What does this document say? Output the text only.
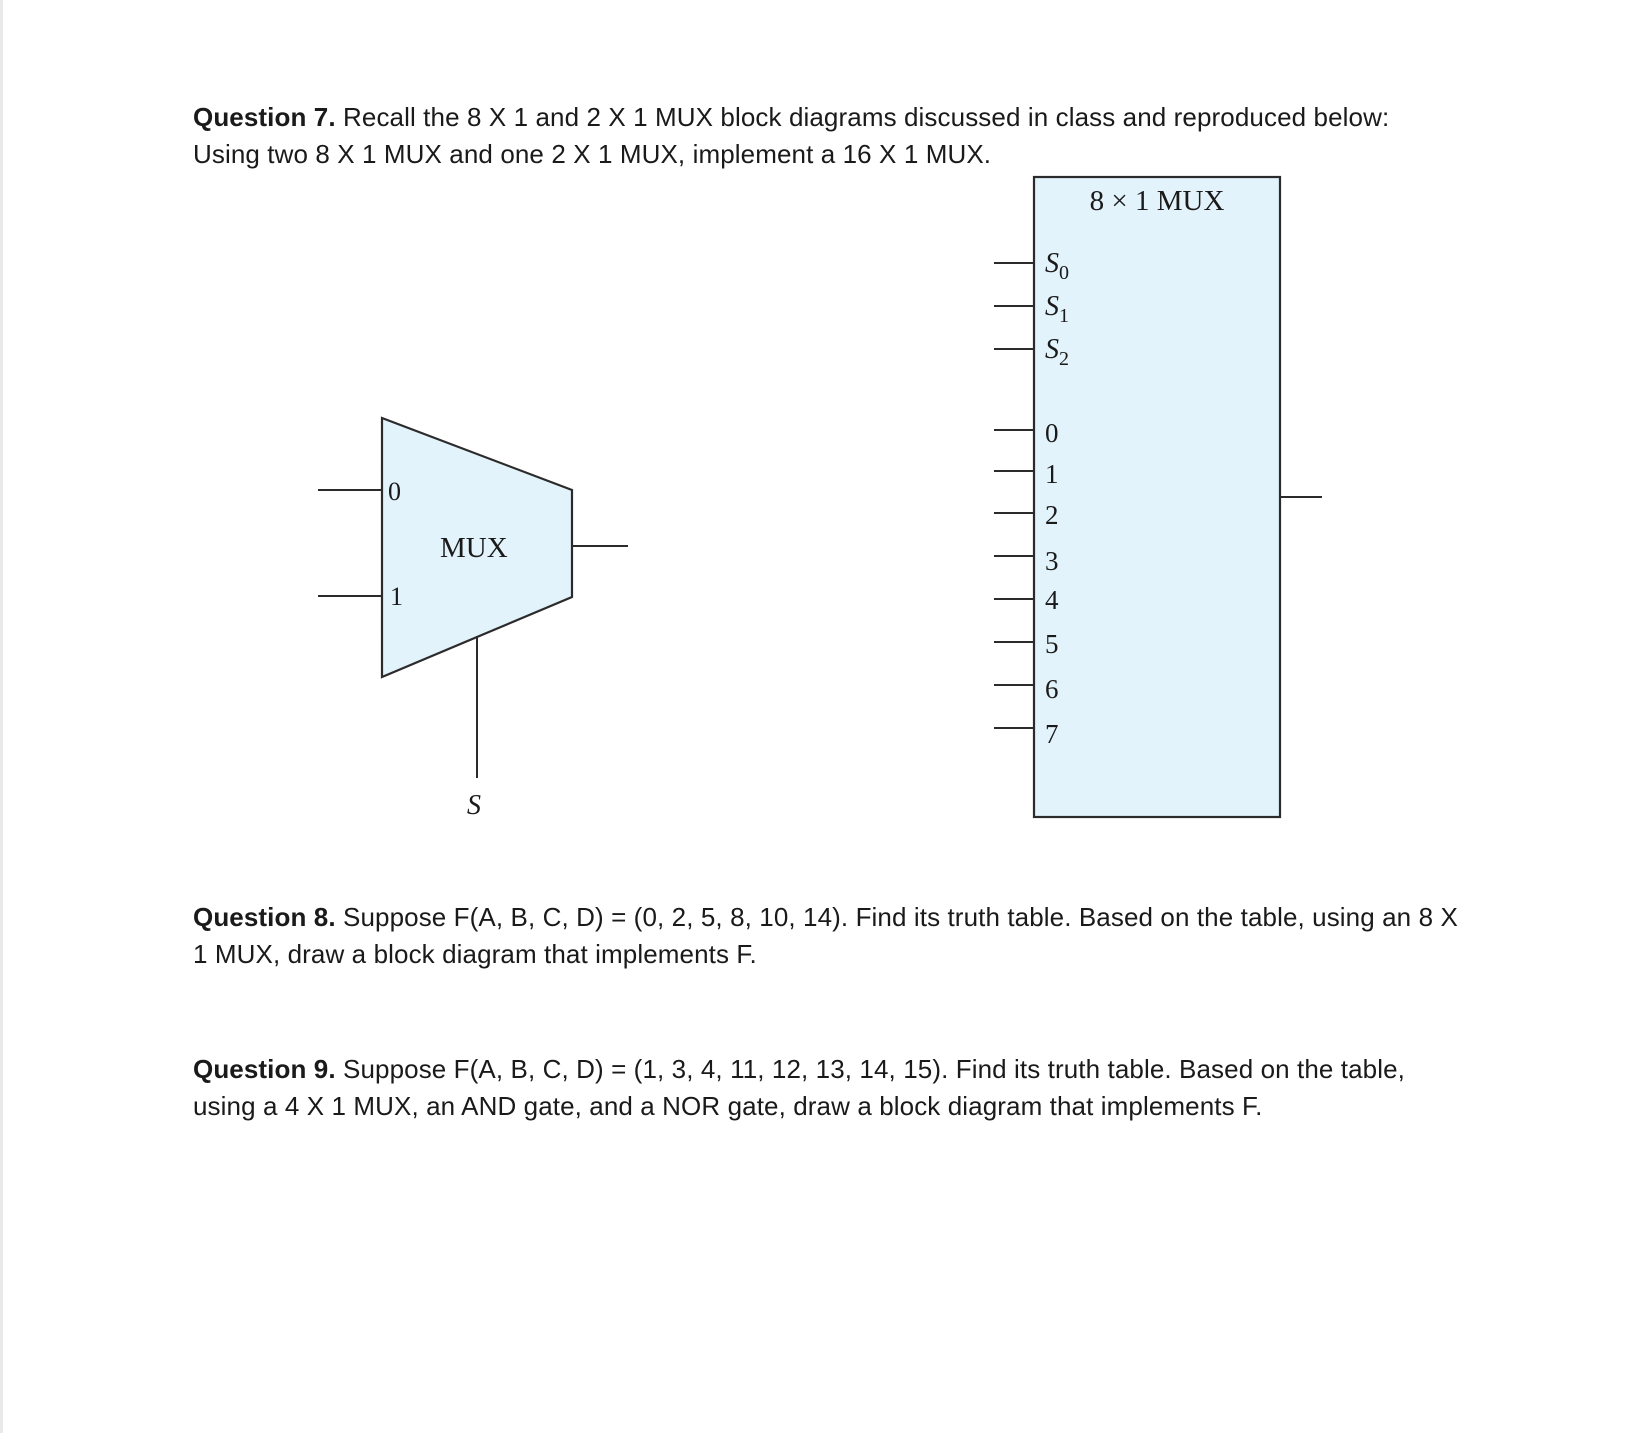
Question 7. Recall the 8 X 1 and 2 X 1 MUX block diagrams discussed in class and reproduced below:
Using two 8 X 1 MUX and one 2 X 1 MUX, implement a 16 X 1 MUX.

0
1
MUX
S
8 × 1 MUX
$S_0$
$S_1$
$S_2$
0
1
2
3
4
5
6
7

Question 8. Suppose F(A, B, C, D) = (0, 2, 5, 8, 10, 14). Find its truth table. Based on the table, using an 8 X
1 MUX, draw a block diagram that implements F.

Question 9. Suppose F(A, B, C, D) = (1, 3, 4, 11, 12, 13, 14, 15). Find its truth table. Based on the table,
using a 4 X 1 MUX, an AND gate, and a NOR gate, draw a block diagram that implements F.
